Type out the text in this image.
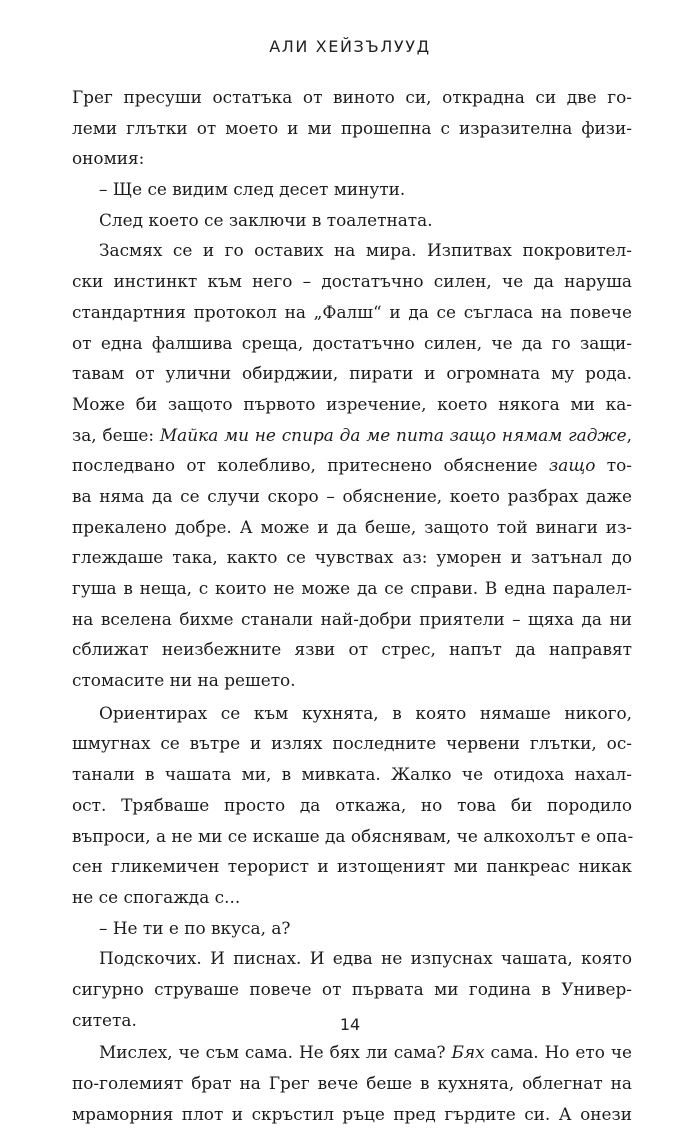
АЛИ ХЕЙЗЪЛУУД
Грег пресуши остатъка от виното си, открадна си две го-
леми глътки от моето и ми прошепна с изразителна физи-
ономия:
– Ще се видим след десет минути.
След което се заключи в тоалетната.
Засмях се и го оставих на мира. Изпитвах покровител-
ски инстинкт към него – достатъчно силен, че да наруша
стандартния протокол на „Фалш“ и да се съгласа на повече
от една фалшива среща, достатъчно силен, че да го защи-
тавам от улични обирджии, пирати и огромната му рода.
Може би защото първото изречение, което някога ми ка-
за, беше: Майка ми не спира да ме пита защо нямам гадже,
последвано от колебливо, притеснено обяснение защо то-
ва няма да се случи скоро – обяснение, което разбрах даже
прекалено добре. А може и да беше, защото той винаги из-
глеждаше така, както се чувствах аз: уморен и затънал до
гуша в неща, с които не може да се справи. В една паралел-
на вселена бихме станали най-добри приятели – щяха да ни
сближат неизбежните язви от стрес, напът да направят
стомасите ни на решето.
Ориентирах се към кухнята, в която нямаше никого,
шмугнах се вътре и излях последните червени глътки, ос-
танали в чашата ми, в мивката. Жалко че отидоха нахал-
ост. Трябваше просто да откажа, но това би породило
въпроси, а не ми се искаше да обяснявам, че алкохолът е опа-
сен гликемичен терорист и изтощеният ми панкреас никак
не се спогажда с...
– Не ти е по вкуса, а?
Подскочих. И писнах. И едва не изпуснах чашата, която
сигурно струваше повече от първата ми година в Универ-
ситета.
Мислех, че съм сама. Не бях ли сама? Бях сама. Но ето че
по-големият брат на Грег вече беше в кухнята, облегнат на
мраморния плот и скръстил ръце пред гърдите си. А онези
14
